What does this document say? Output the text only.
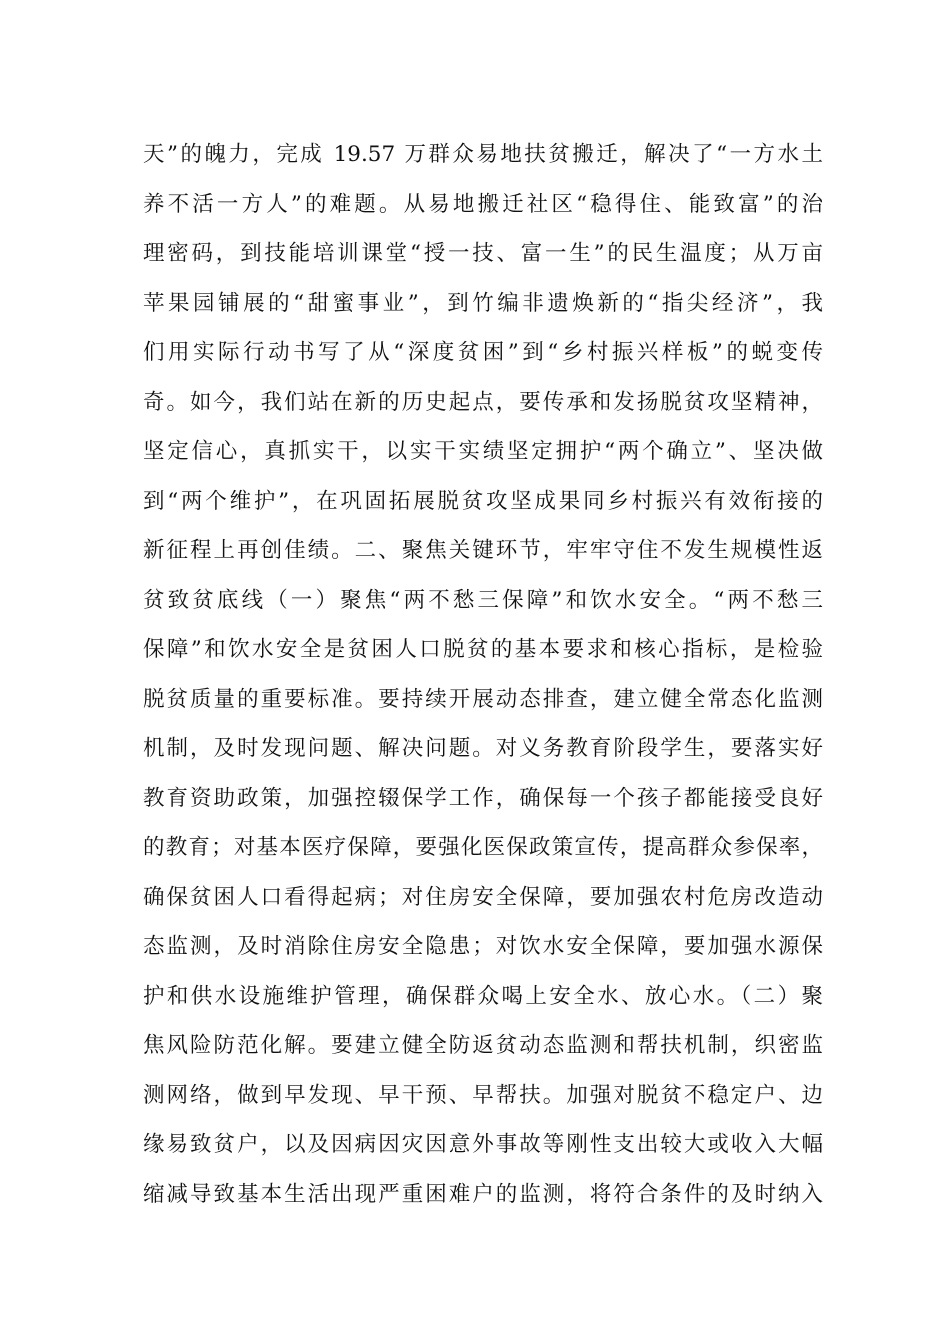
天”的魄力，完成 19.57 万群众易地扶贫搬迁，解决了“一方水土
养不活一方人”的难题。从易地搬迁社区“稳得住、能致富”的治
理密码，到技能培训课堂“授一技、富一生”的民生温度；从万亩
苹果园铺展的“甜蜜事业”，到竹编非遗焕新的“指尖经济”，我
们用实际行动书写了从“深度贫困”到“乡村振兴样板”的蜕变传
奇。如今，我们站在新的历史起点，要传承和发扬脱贫攻坚精神，
坚定信心，真抓实干，以实干实绩坚定拥护“两个确立”、坚决做
到“两个维护”，在巩固拓展脱贫攻坚成果同乡村振兴有效衔接的
新征程上再创佳绩。二、聚焦关键环节，牢牢守住不发生规模性返
贫致贫底线（一）聚焦“两不愁三保障”和饮水安全。“两不愁三
保障”和饮水安全是贫困人口脱贫的基本要求和核心指标，是检验
脱贫质量的重要标准。要持续开展动态排查，建立健全常态化监测
机制，及时发现问题、解决问题。对义务教育阶段学生，要落实好
教育资助政策，加强控辍保学工作，确保每一个孩子都能接受良好
的教育；对基本医疗保障，要强化医保政策宣传，提高群众参保率，
确保贫困人口看得起病；对住房安全保障，要加强农村危房改造动
态监测，及时消除住房安全隐患；对饮水安全保障，要加强水源保
护和供水设施维护管理，确保群众喝上安全水、放心水。（二）聚
焦风险防范化解。要建立健全防返贫动态监测和帮扶机制，织密监
测网络，做到早发现、早干预、早帮扶。加强对脱贫不稳定户、边
缘易致贫户，以及因病因灾因意外事故等刚性支出较大或收入大幅
缩减导致基本生活出现严重困难户的监测，将符合条件的及时纳入
